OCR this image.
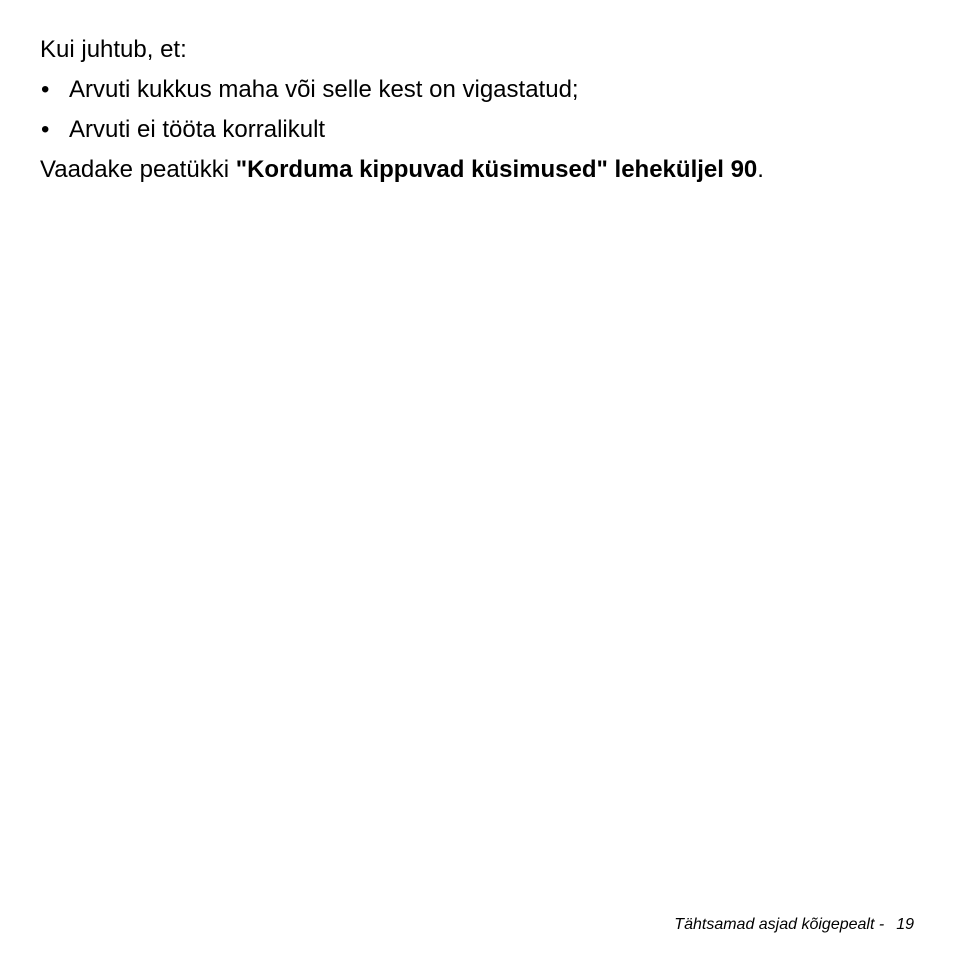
Kui juhtub, et:

• Arvuti kukkus maha või selle kest on vigastatud;
• Arvuti ei tööta korralikult

Vaadake peatükki "Korduma kippuvad küsimused" leheküljel 90.

Tähtsamad asjad kõigepealt - 19
